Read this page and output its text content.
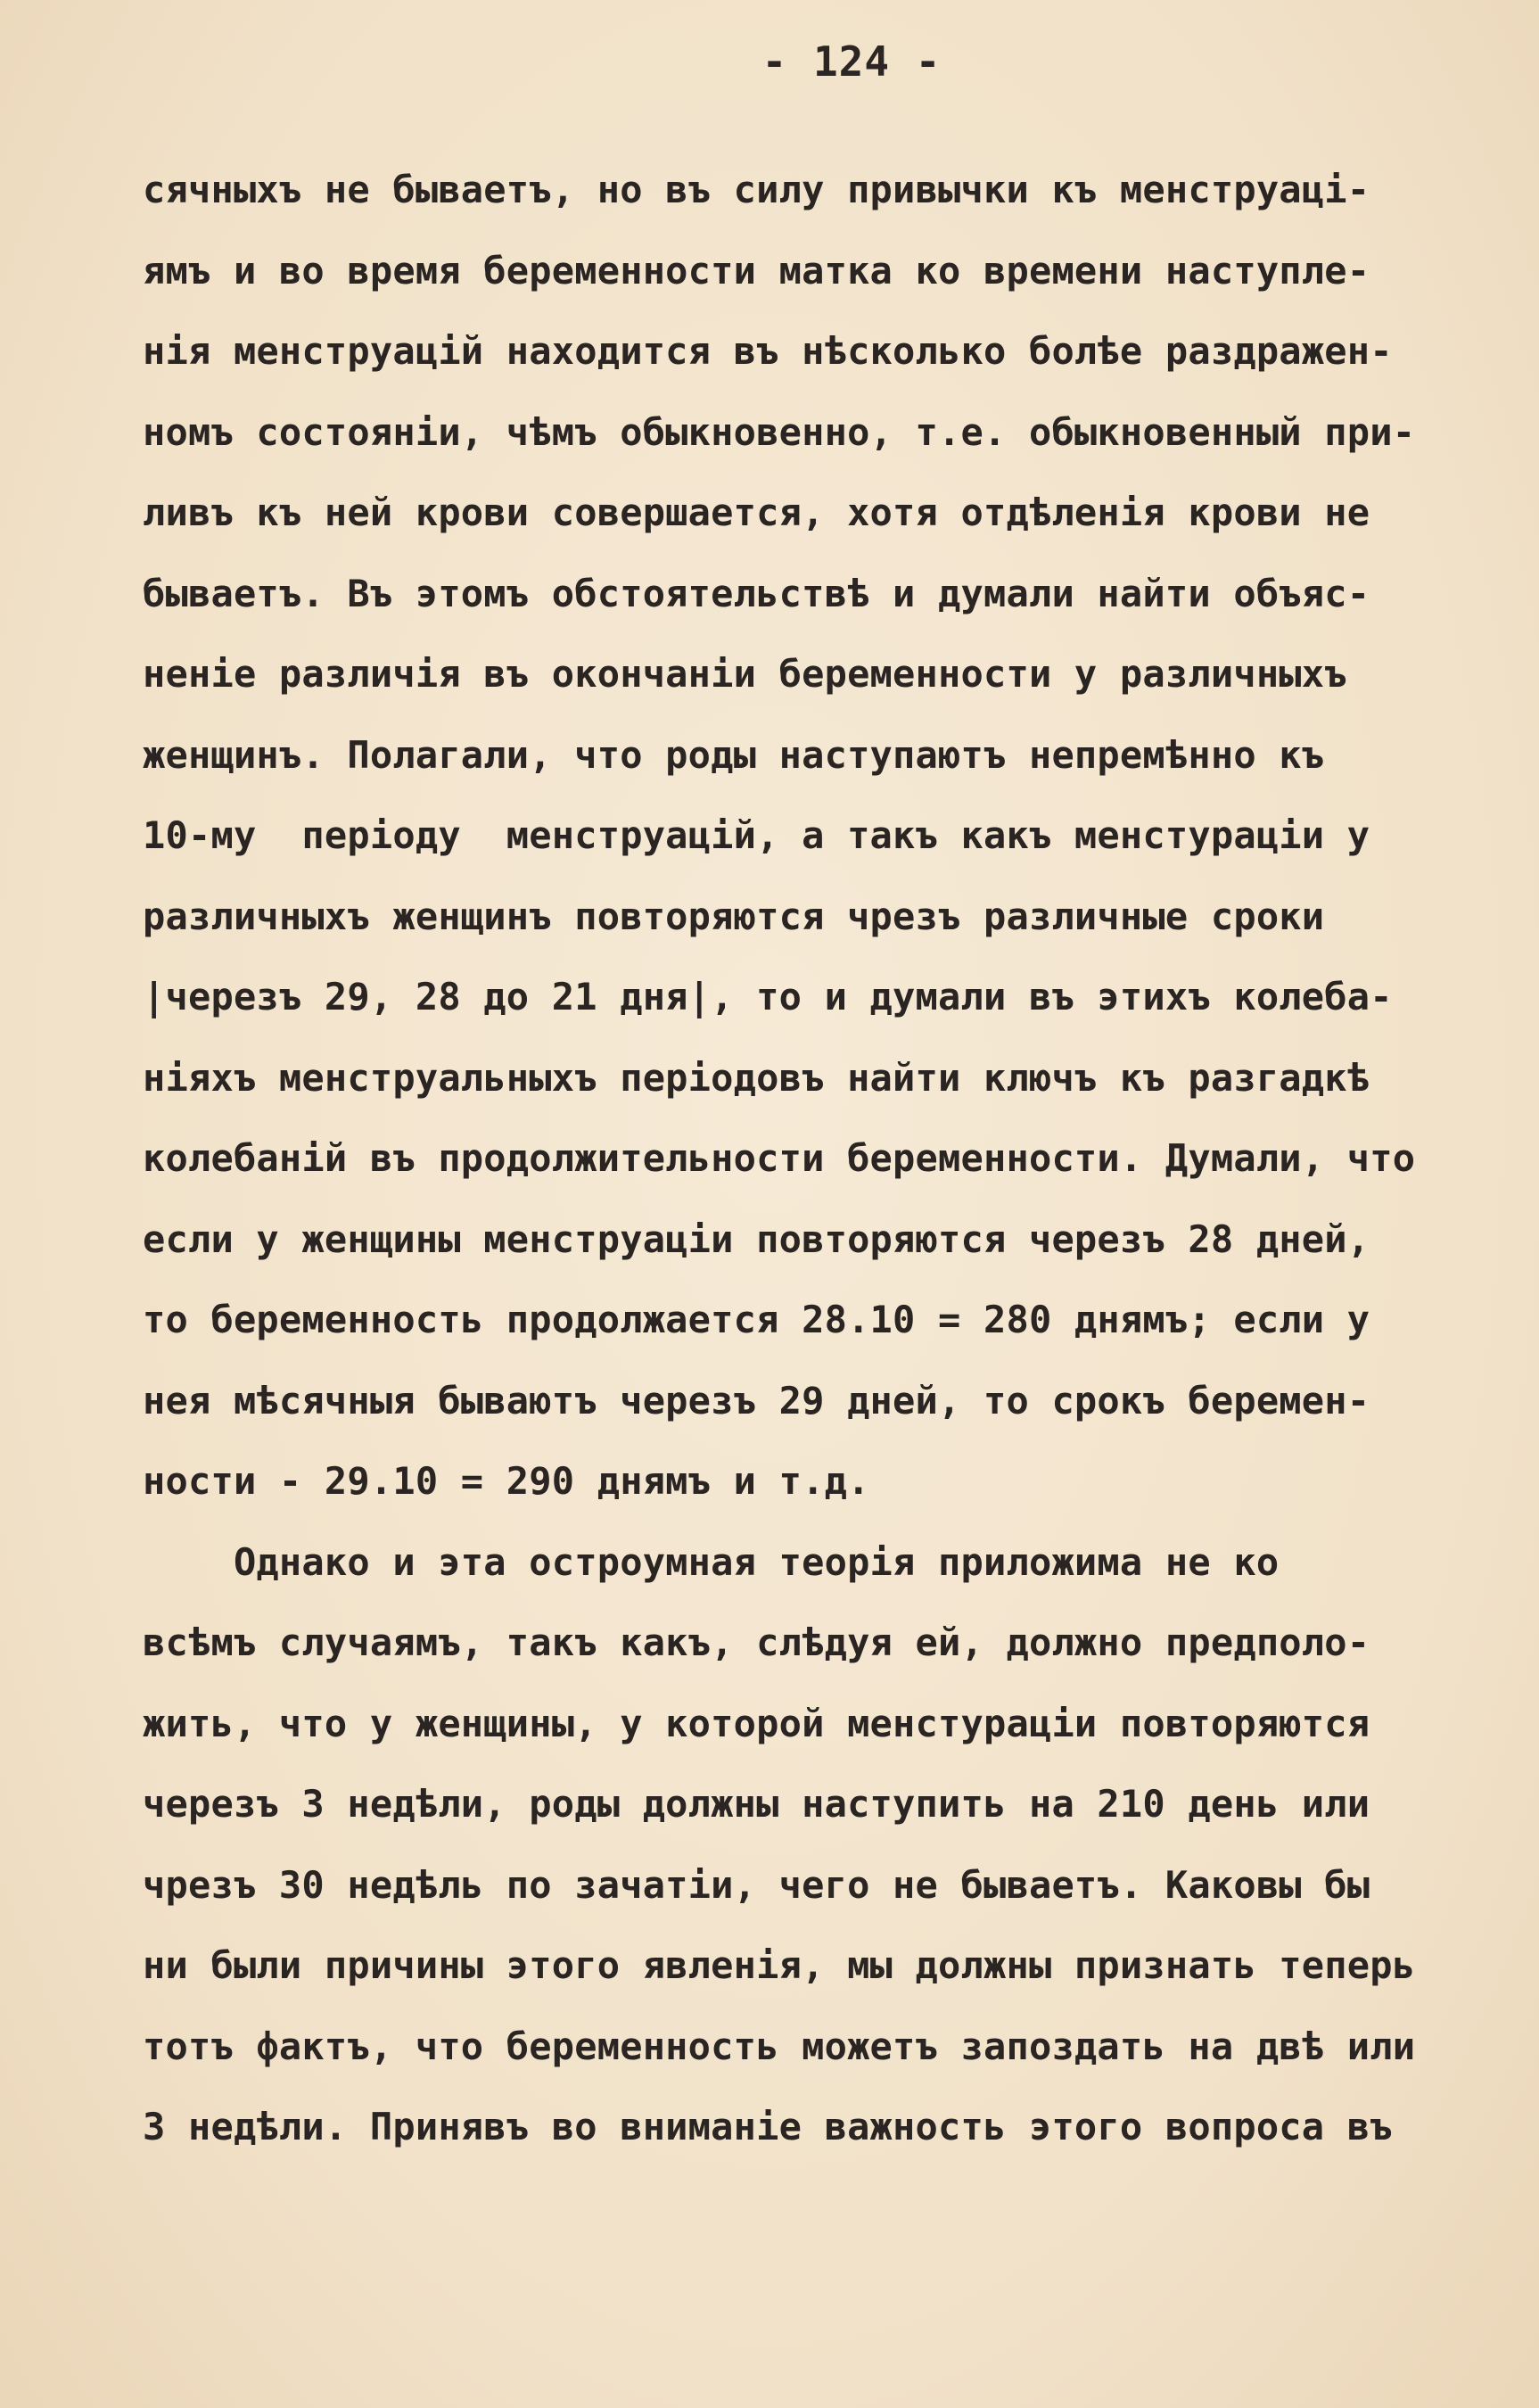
- 124 -
сячныхъ не бываетъ, но въ силу привычки къ менструацi-
ямъ и во время беременности матка ко времени наступле-
нiя менструацiй находится въ нѣсколько болѣе раздражен-
номъ состоянiи, чѣмъ обыкновенно, т.е. обыкновенный при-
ливъ къ ней крови совершается, хотя отдѣленiя крови не
бываетъ. Въ этомъ обстоятельствѣ и думали найти объяс-
ненiе различiя въ окончанiи беременности у различныхъ
женщинъ. Полагали, что роды наступаютъ непремѣнно къ
10-му  перiоду  менструацiй, а такъ какъ менстурацiи у
различныхъ женщинъ повторяются чрезъ различные сроки
|черезъ 29, 28 до 21 дня|, то и думали въ этихъ колеба-
нiяхъ менструальныхъ перiодовъ найти ключъ къ разгадкѣ
колебанiй въ продолжительности беременности. Думали, что
если у женщины менструацiи повторяются черезъ 28 дней,
то беременность продолжается 28.10 = 280 днямъ; если у
нея мѣсячныя бываютъ черезъ 29 дней, то срокъ беремен-
ности - 29.10 = 290 днямъ и т.д.
Однако и эта остроумная теорiя приложима не ко
всѣмъ случаямъ, такъ какъ, слѣдуя ей, должно предполо-
жить, что у женщины, у которой менстурацiи повторяются
черезъ 3 недѣли, роды должны наступить на 210 день или
чрезъ 30 недѣль по зачатiи, чего не бываетъ. Каковы бы
ни были причины этого явленiя, мы должны признать теперь
тотъ фактъ, что беременность можетъ запоздать на двѣ или
3 недѣли. Принявъ во вниманiе важность этого вопроса въ
